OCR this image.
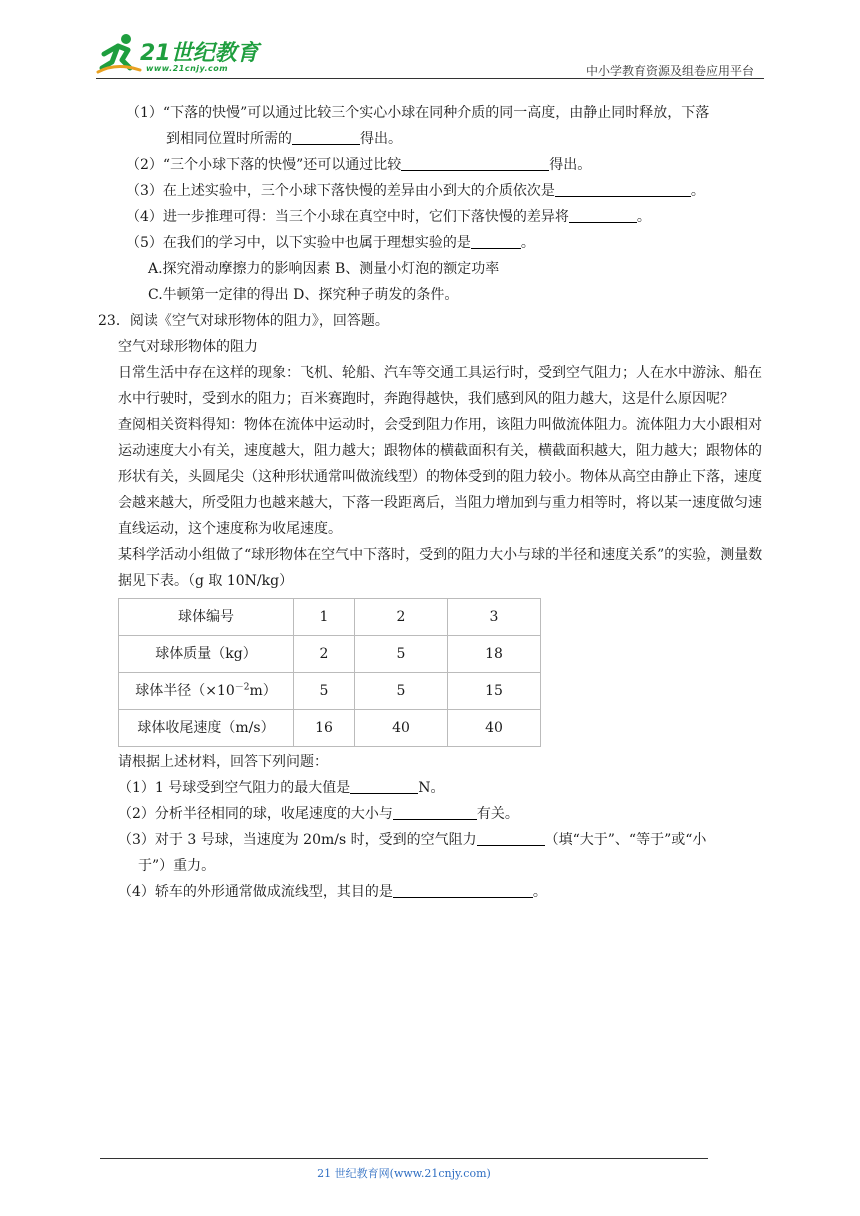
21世纪教育
www.21cnjy.com	中小学教育资源及组卷应用平台

（1）“下落的快慢”可以通过比较三个实心小球在同种介质的同一高度，由静止同时释放，下落

到相同位置时所需的	得出。

（2）“三个小球下落的快慢”还可以通过比较	得出。

（3）在上述实验中，三个小球下落快慢的差异由小到大的介质依次是	。

（4）进一步推理可得：当三个小球在真空中时，它们下落快慢的差异将	。

（5）在我们的学习中，以下实验中也属于理想实验的是	。

A.探究滑动摩擦力的影响因素 B、测量小灯泡的额定功率

C.牛顿第一定律的得出 D、探究种子萌发的条件。

23．阅读《空气对球形物体的阻力》，回答题。

空气对球形物体的阻力

日常生活中存在这样的现象：飞机、轮船、汽车等交通工具运行时，受到空气阻力；人在水中游泳、船在水中行驶时，受到水的阻力；百米赛跑时，奔跑得越快，我们感到风的阻力越大，这是什么原因呢？

查阅相关资料得知：物体在流体中运动时，会受到阻力作用，该阻力叫做流体阻力。流体阻力大小跟相对运动速度大小有关，速度越大，阻力越大；跟物体的横截面积有关，横截面积越大，阻力越大；跟物体的形状有关，头圆尾尖（这种形状通常叫做流线型）的物体受到的阻力较小。物体从高空由静止下落，速度会越来越大，所受阻力也越来越大，下落一段距离后，当阻力增加到与重力相等时，将以某一速度做匀速直线运动，这个速度称为收尾速度。

某科学活动小组做了“球形物体在空气中下落时，受到的阻力大小与球的半径和速度关系”的实验，测量数据见下表。（g 取 10N/kg）

球体编号	1	2	3
球体质量（kg）	2	5	18
球体半径$(\times 10^{-2}m)$	5	5	15
球体收尾速度（m/s）	16	40	40

请根据上述材料，回答下列问题：

（1）1 号球受到空气阻力的最大值是	N。

（2）分析半径相同的球，收尾速度的大小与	有关。

（3）对于 3 号球，当速度为 20m/s 时，受到的空气阻力	（填“大于”、“等于”或“小

于”）重力。

（4）轿车的外形通常做成流线型，其目的是	。

21 世纪教育网(www.21cnjy.com)
